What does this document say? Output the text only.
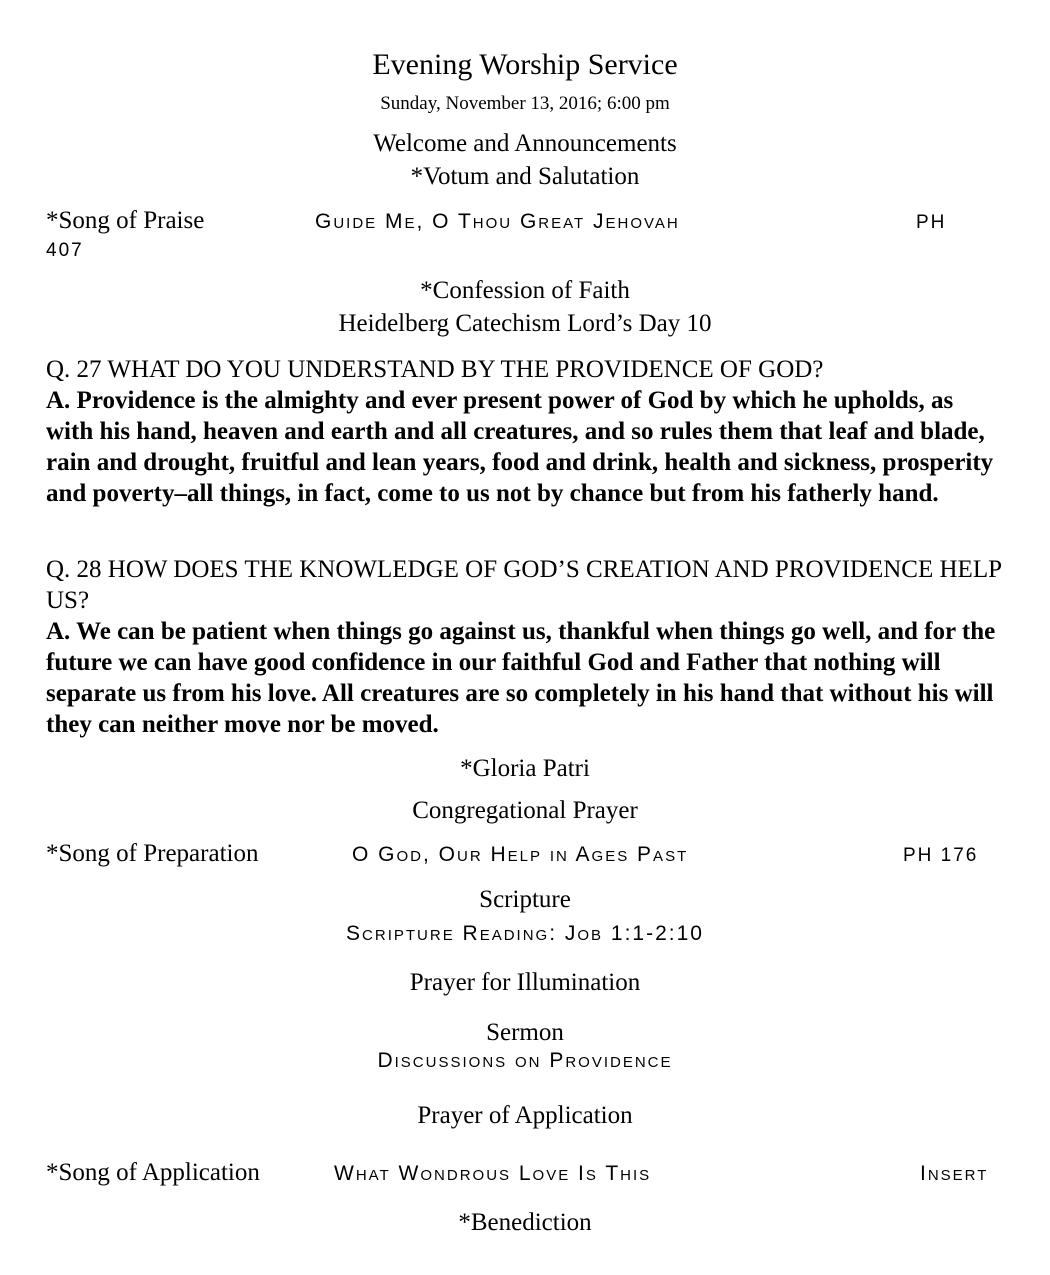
Evening Worship Service
Sunday, November 13, 2016; 6:00 pm
Welcome and Announcements
*Votum and Salutation
*Song of Praise	Guide Me, O Thou Great Jehovah	PH
407
*Confession of Faith
Heidelberg Catechism Lord’s Day 10
Q. 27 WHAT DO YOU UNDERSTAND BY THE PROVIDENCE OF GOD?
A. Providence is the almighty and ever present power of God by which he upholds, as with his hand, heaven and earth and all creatures, and so rules them that leaf and blade, rain and drought, fruitful and lean years, food and drink, health and sickness, prosperity and poverty–all things, in fact, come to us not by chance but from his fatherly hand.
Q. 28 HOW DOES THE KNOWLEDGE OF GOD’S CREATION AND PROVIDENCE HELP US?
A. We can be patient when things go against us, thankful when things go well, and for the future we can have good confidence in our faithful God and Father that nothing will separate us from his love. All creatures are so completely in his hand that without his will they can neither move nor be moved.
*Gloria Patri
Congregational Prayer
*Song of Preparation	O God, Our Help in Ages Past	PH 176
Scripture
Scripture Reading: Job 1:1-2:10
Prayer for Illumination
Sermon
Discussions on Providence
Prayer of Application
*Song of Application	What Wondrous Love Is This	Insert
*Benediction
